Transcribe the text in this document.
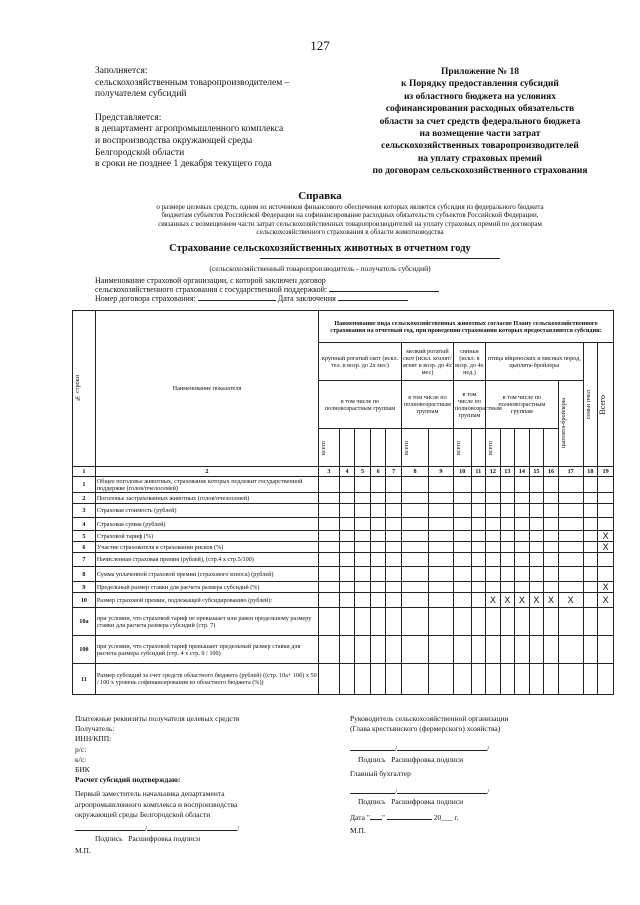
127
Заполняется:
сельскохозяйственным товаропроизводителем –
получателем субсидий
Представляется:
в департамент агропромышленного комплекса
и воспроизводства окружающей среды
Белгородской области
в сроки не позднее 1 декабря текущего года
Приложение № 18
к Порядку предоставления субсидий
из областного бюджета на условиях
софинансирования расходных обязательств
области за счет средств федерального бюджета
на возмещение части затрат
сельскохозяйственных товаропроизводителей
на уплату страховых премий
по договорам сельскохозяйственного страхования
Справка
о размере целевых средств, одним из источников финансового обеспечения которых является субсидия из федерального бюджета
бюджетам субъектов Российской Федерации на софинансирование расходных обязательств субъектов Российской Федерации,
связанных с возмещением части затрат сельскохозяйственных товаропроизводителей на уплату страховых премий по договорам
сельскохозяйственного страхования в области животноводства
Страхование сельскохозяйственных животных в отчетном году
(сельскохозяйственный товаропроизводитель - получатель субсидий)
Наименование страховой организации, с которой заключен договор
сельскохозяйственного страхования с государственной поддержкой:
Номер договора страхования:	Дата заключения
№ строки	Наименование показателя	Наименование вида сельскохозяйственных животных согласно Плану сельскохозяйственного страхования на отчетный год, при проведении страхования которых предоставляются субсидии:																
		крупный рогатый скот (искл. тел. в возр. до 2х мес)					мелкий рогатый скот (искл. козлят/ягнят в возр. до 4х мес)		свиньи (искл. в возр. до 4х нед.)		птица яйценоских и мясных пород, цыплята-бройлеры						семьи пчел	Всего

		в том числе по полновозрастным группам					в том числе по полновозрастным группам		в том числе по полновозрастным группам		в том числе по полновозрастным группам					цыплята-бройлеры		

		всего					всего		всего		всего							

1	2	3	4	5	6	7	8	9	10	11	12	13	14	15	16	17	18	19
1	Общее поголовье животных, страхование которых подлежит государственной поддержке (голов/пчелосемей)																	
2	Поголовье застрахованных животных (голов/пчелосемей)																	
3	Страховая стоимость (рублей)																	
4	Страховая сумма (рублей)																	
5	Страховой тариф (%)																	X
6	Участие страхователя в страховании рисков (%)																	X
7	Начисленная страховая премия (рублей), (стр.4 х стр.5/100)																	
8	Сумма уплаченной страховой премии (страхового взноса) (рублей)																	
9	Предельный размер ставки для расчета размера субсидий (%)																	X
10	Размер страховой премии, подлежащей субсидированию (рублей):										X	X	X	X	X	X		X
10а	при условии, что страховой тариф не превышает или равен предельному размеру ставки для расчета размера субсидий (стр. 7)																	
10б	при условии, что страховой тариф превышает предельный размер ставки для расчета размера субсидий (стр. 4 х стр. 9 / 100)																	
11	Размер субсидий за счет средств областного бюджета (рублей) ((стр. 10а+ 10б) х 50 / 100 х уровень софинансирования из областного бюджета (%))																	
Платежные реквизиты получателя целевых средств
Получатель:
ИНН/КПП:
р/с:
к/с:
БИК
Расчет субсидий подтверждаю:
Первый заместитель начальника департамента
агропромышленного комплекса и воспроизводства
окружающей среды Белгородской области
/	/
Подпись Расшифровка подписи
М.П.
Руководитель сельскохозяйственной организации
(Глава крестьянского (фермерского) хозяйства)
/	/
Подпись Расшифровка подписи
Главный бухгалтер
/	/
Подпись Расшифровка подписи
Дата " "	20___ г.
М.П.
